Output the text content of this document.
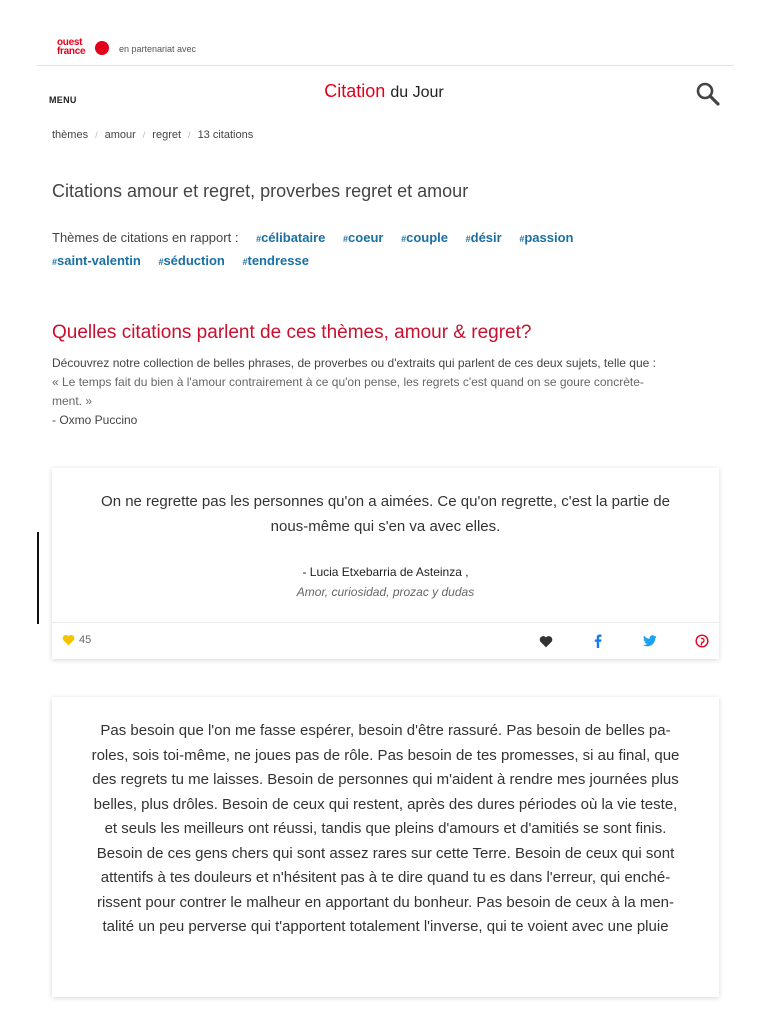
ouest
france	en partenariat avec
MENU	Citation du Jour
thèmes / amour / regret / 13 citations
Citations amour et regret, proverbes regret et amour
Thèmes de citations en rapport : #célibataire #coeur #couple #désir #passion
#saint-valentin #séduction #tendresse
Quelles citations parlent de ces thèmes, amour & regret?
Découvrez notre collection de belles phrases, de proverbes ou d'extraits qui parlent de ces deux sujets, telle que :
« Le temps fait du bien à l'amour contrairement à ce qu'on pense, les regrets c'est quand on se goure concrète-
ment. »
- Oxmo Puccino
On ne regrette pas les personnes qu'on a aimées. Ce qu'on regrette, c'est la partie de
nous-même qui s'en va avec elles.
- Lucia Etxebarria de Asteinza ,
Amor, curiosidad, prozac y dudas
45
Pas besoin que l'on me fasse espérer, besoin d'être rassuré. Pas besoin de belles pa-
roles, sois toi-même, ne joues pas de rôle. Pas besoin de tes promesses, si au final, que
des regrets tu me laisses. Besoin de personnes qui m'aident à rendre mes journées plus
belles, plus drôles. Besoin de ceux qui restent, après des dures périodes où la vie teste,
et seuls les meilleurs ont réussi, tandis que pleins d'amours et d'amitiés se sont finis.
Besoin de ces gens chers qui sont assez rares sur cette Terre. Besoin de ceux qui sont
attentifs à tes douleurs et n'hésitent pas à te dire quand tu es dans l'erreur, qui enché-
rissent pour contrer le malheur en apportant du bonheur. Pas besoin de ceux à la men-
talité un peu perverse qui t'apportent totalement l'inverse, qui te voient avec une pluie
